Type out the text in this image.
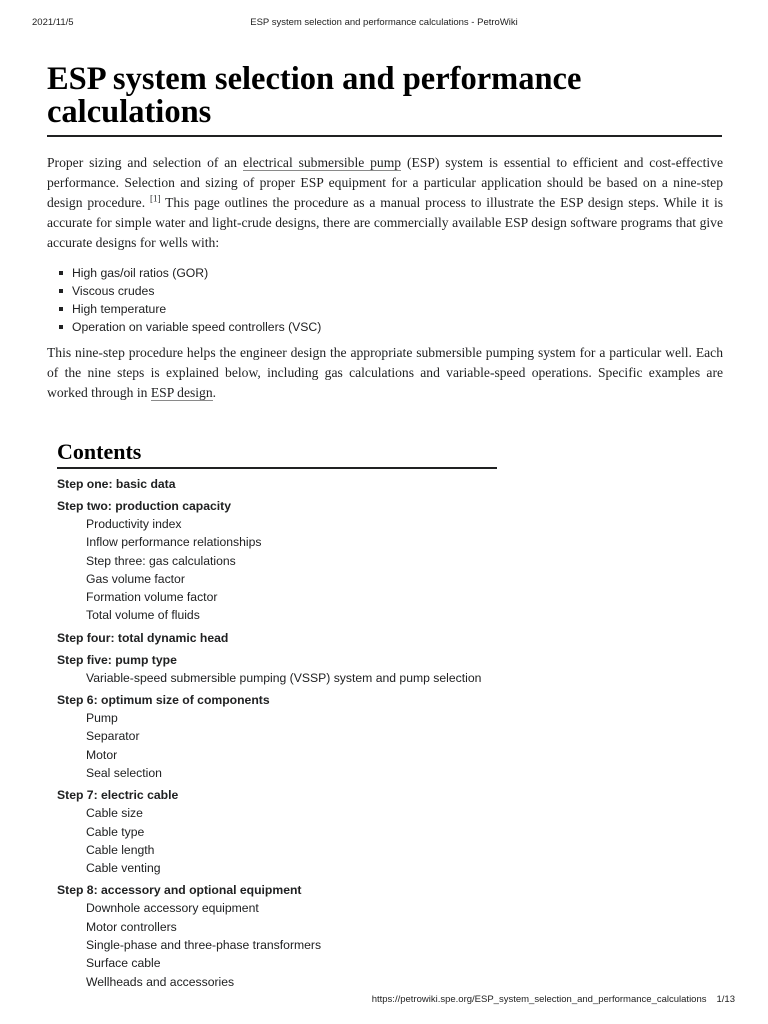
2021/11/5	ESP system selection and performance calculations - PetroWiki
ESP system selection and performance calculations

Proper sizing and selection of an electrical submersible pump (ESP) system is essential to efficient and cost-effective performance. Selection and sizing of proper ESP equipment for a particular application should be based on a nine-step design procedure. [1] This page outlines the procedure as a manual process to illustrate the ESP design steps. While it is accurate for simple water and light-crude designs, there are commercially available ESP design software programs that give accurate designs for wells with:

High gas/oil ratios (GOR)
Viscous crudes
High temperature
Operation on variable speed controllers (VSC)

This nine-step procedure helps the engineer design the appropriate submersible pumping system for a particular well. Each of the nine steps is explained below, including gas calculations and variable-speed operations. Specific examples are worked through in ESP design.

Contents
Step one: basic data
Step two: production capacity
Productivity index
Inflow performance relationships
Step three: gas calculations
Gas volume factor
Formation volume factor
Total volume of fluids
Step four: total dynamic head
Step five: pump type
Variable-speed submersible pumping (VSSP) system and pump selection
Step 6: optimum size of components
Pump
Separator
Motor
Seal selection
Step 7: electric cable
Cable size
Cable type
Cable length
Cable venting
Step 8: accessory and optional equipment
Downhole accessory equipment
Motor controllers
Single-phase and three-phase transformers
Surface cable
Wellheads and accessories
https://petrowiki.spe.org/ESP_system_selection_and_performance_calculations 1/13
